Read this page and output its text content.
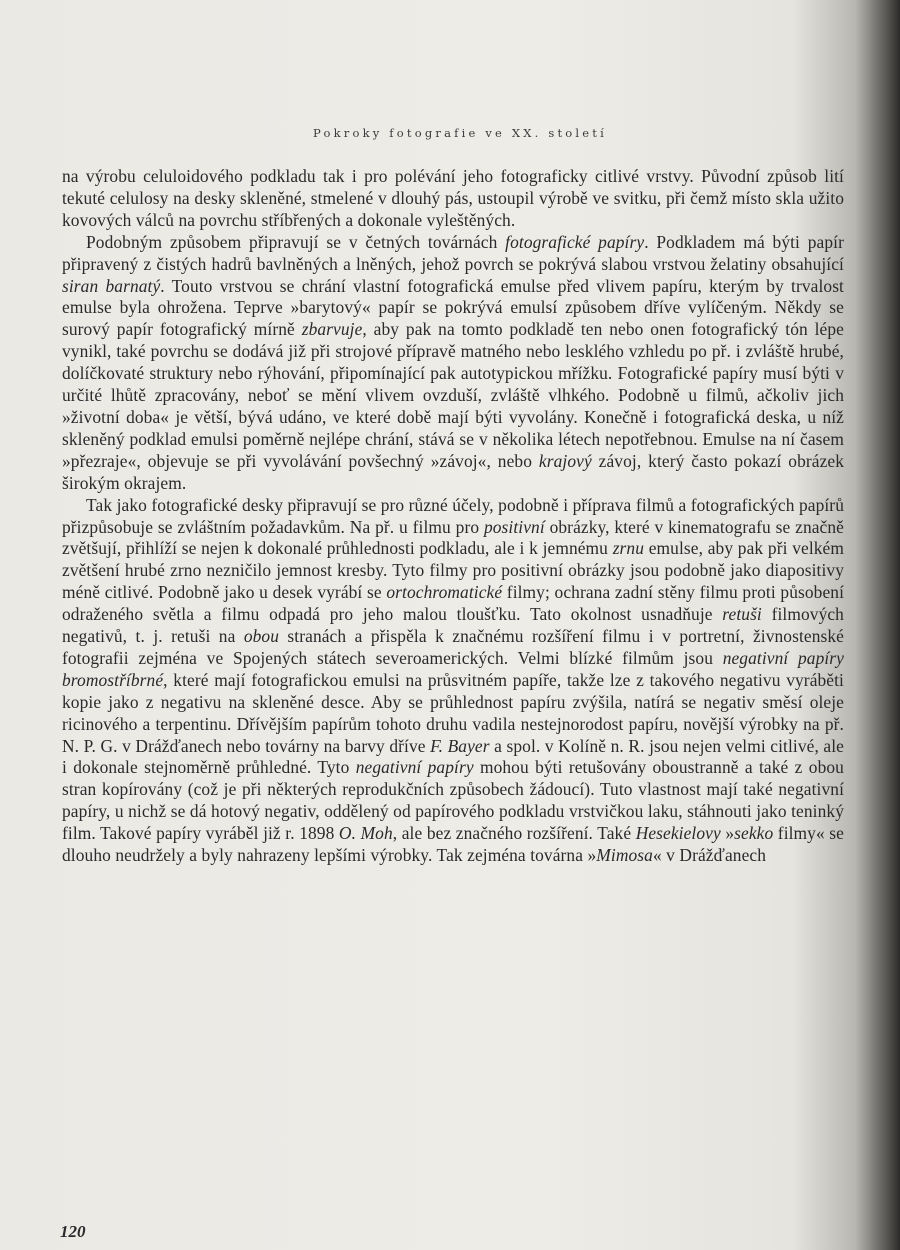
Pokroky fotografie ve XX. století

na výrobu celuloidového podkladu tak i pro polévání jeho fotograficky citlivé vrstvy. Původní způsob lití tekuté celulosy na desky skleněné, stmelené v dlouhý pás, ustoupil výrobě ve svitku, při čemž místo skla užito kovových válců na povrchu stříbřených a dokonale vyleštěných.

Podobným způsobem připravují se v četných továrnách fotografické papíry. Podkladem má býti papír připravený z čistých hadrů bavlněných a lněných, jehož povrch se pokrývá slabou vrstvou želatiny obsahující siran barnatý. Touto vrstvou se chrání vlastní fotografická emulse před vlivem papíru, kterým by trvalost emulse byla ohrožena. Teprve »barytový« papír se pokrývá emulsí způsobem dříve vylíčeným. Někdy se surový papír fotografický mírně zbarvuje, aby pak na tomto podkladě ten nebo onen fotografický tón lépe vynikl, také povrchu se dodává již při strojové přípravě matného nebo lesklého vzhledu po př. i zvláště hrubé, dolíčkovaté struktury nebo rýhování, připomínající pak autotypickou mřížku. Fotografické papíry musí býti v určité lhůtě zpracovány, neboť se mění vlivem ovzduší, zvláště vlhkého. Podobně u filmů, ačkoliv jich »životní doba« je větší, bývá udáno, ve které době mají býti vyvolány. Konečně i fotografická deska, u níž skleněný podklad emulsi poměrně nejlépe chrání, stává se v několika létech nepotřebnou. Emulse na ní časem »přezraje«, objevuje se při vyvolávání povšechný »závoj«, nebo krajový závoj, který často pokazí obrázek širokým okrajem.

Tak jako fotografické desky připravují se pro různé účely, podobně i příprava filmů a fotografických papírů přizpůsobuje se zvláštním požadavkům. Na př. u filmu pro positivní obrázky, které v kinematografu se značně zvětšují, přihlíží se nejen k dokonalé průhlednosti podkladu, ale i k jemnému zrnu emulse, aby pak při velkém zvětšení hrubé zrno nezničilo jemnost kresby. Tyto filmy pro positivní obrázky jsou podobně jako diapositivy méně citlivé. Podobně jako u desek vyrábí se ortochromatické filmy; ochrana zadní stěny filmu proti působení odraženého světla a filmu odpadá pro jeho malou tloušťku. Tato okolnost usnadňuje retuši filmových negativů, t. j. retuši na obou stranách a přispěla k značnému rozšíření filmu i v portretní, živnostenské fotografii zejména ve Spojených státech severoamerických. Velmi blízké filmům jsou negativní papíry bromostříbrné, které mají fotografickou emulsi na průsvitném papíře, takže lze z takového negativu vyráběti kopie jako z negativu na skleněné desce. Aby se průhlednost papíru zvýšila, natírá se negativ směsí oleje ricinového a terpentinu. Dřívějším papírům tohoto druhu vadila nestejnorodost papíru, novější výrobky na př. N. P. G. v Drážďanech nebo továrny na barvy dříve F. Bayer a spol. v Kolíně n. R. jsou nejen velmi citlivé, ale i dokonale stejnoměrně průhledné. Tyto negativní papíry mohou býti retušovány oboustranně a také z obou stran kopírovány (což je při některých reprodukčních způsobech žádoucí). Tuto vlastnost mají také negativní papíry, u nichž se dá hotový negativ, oddělený od papírového podkladu vrstvičkou laku, stáhnouti jako teninký film. Takové papíry vyráběl již r. 1898 O. Moh, ale bez značného rozšíření. Také Hesekielovy »sekko filmy« se dlouho neudržely a byly nahrazeny lepšími výrobky. Tak zejména továrna »Mimosa« v Drážďanech

120
